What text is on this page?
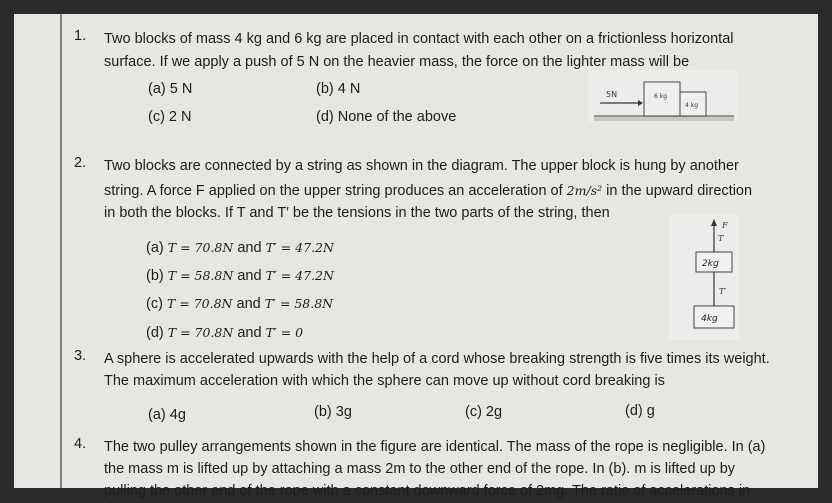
1.	Two blocks of mass 4 kg and 6 kg are placed in contact with each other on a frictionless horizontal
surface. If we apply a push of 5 N on the heavier mass, the force on the lighter mass will be
(a) 5 N	(b) 4 N
(c) 2 N	(d) None of the above
5N	6 kg
4 kg
2.	Two blocks are connected by a string as shown in the diagram. The upper block is hung by another
string. A force F applied on the upper string produces an acceleration of 2m/s² in the upward direction
in both the blocks. If T and T′ be the tensions in the two parts of the string, then
(a) T = 70.8N and T′ = 47.2N
(b) T = 58.8N and T′ = 47.2N
(c) T = 70.8N and T′ = 58.8N
(d) T = 70.8N and T′ = 0
F
T
2kg
T′
4kg
3.	A sphere is accelerated upwards with the help of a cord whose breaking strength is five times its weight.
The maximum acceleration with which the sphere can move up without cord breaking is
(a) 4g	(b) 3g	(c) 2g	(d) g
4.	The two pulley arrangements shown in the figure are identical. The mass of the rope is negligible. In (a)
the mass m is lifted up by attaching a mass 2m to the other end of the rope. In (b). m is lifted up by
pulling the other end of the rope with a constant downward force of 2mg. The ratio of accelerations in
